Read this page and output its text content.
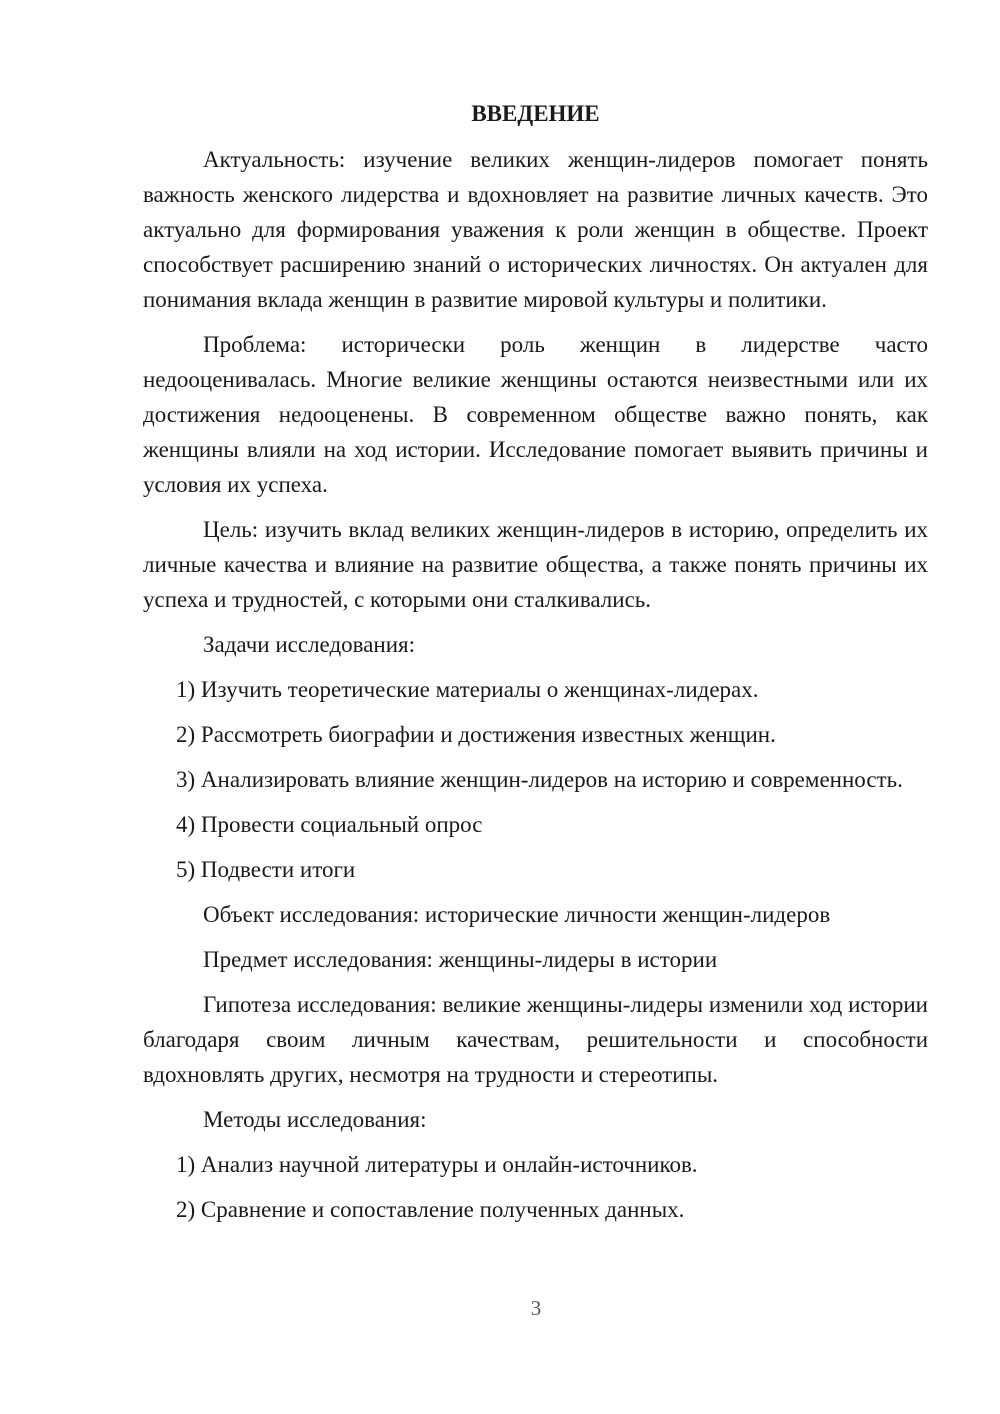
ВВЕДЕНИЕ

Актуальность: изучение великих женщин-лидеров помогает понять важность женского лидерства и вдохновляет на развитие личных качеств. Это актуально для формирования уважения к роли женщин в обществе. Проект способствует расширению знаний о исторических личностях. Он актуален для понимания вклада женщин в развитие мировой культуры и политики.

Проблема: исторически роль женщин в лидерстве часто недооценивалась. Многие великие женщины остаются неизвестными или их достижения недооценены. В современном обществе важно понять, как женщины влияли на ход истории. Исследование помогает выявить причины и условия их успеха.

Цель: изучить вклад великих женщин-лидеров в историю, определить их личные качества и влияние на развитие общества, а также понять причины их успеха и трудностей, с которыми они сталкивались.

Задачи исследования:

1) Изучить теоретические материалы о женщинах-лидерах.

2) Рассмотреть биографии и достижения известных женщин.

3) Анализировать влияние женщин-лидеров на историю и современность.

4) Провести социальный опрос

5) Подвести итоги

Объект исследования: исторические личности женщин-лидеров

Предмет исследования: женщины-лидеры в истории

Гипотеза исследования: великие женщины-лидеры изменили ход истории благодаря своим личным качествам, решительности и способности вдохновлять других, несмотря на трудности и стереотипы.

Методы исследования:

1) Анализ научной литературы и онлайн-источников.

2) Сравнение и сопоставление полученных данных.

3
